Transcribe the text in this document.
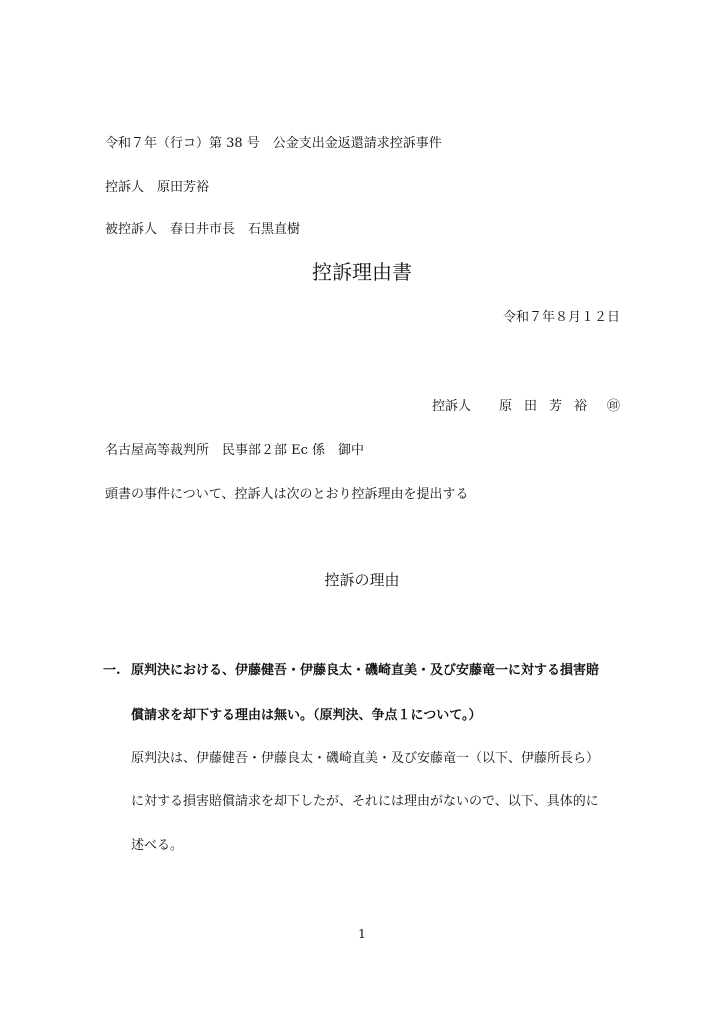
令和７年（行コ）第 38 号　公金支出金返還請求控訴事件
控訴人　原田芳裕
被控訴人　春日井市長　石黒直樹
控訴理由書
令和７年８月１２日
控訴人 原田芳裕 ㊞
名古屋高等裁判所　民事部２部 Ec 係　御中
頭書の事件について、控訴人は次のとおり控訴理由を提出する
控訴の理由
一. 原判決における、伊藤健吾・伊藤良太・磯崎直美・及び安藤竜一に対する損害賠
償請求を却下する理由は無い。（原判決、争点１について。）
原判決は、伊藤健吾・伊藤良太・磯崎直美・及び安藤竜一（以下、伊藤所長ら）
に対する損害賠償請求を却下したが、それには理由がないので、以下、具体的に
述べる。
1
